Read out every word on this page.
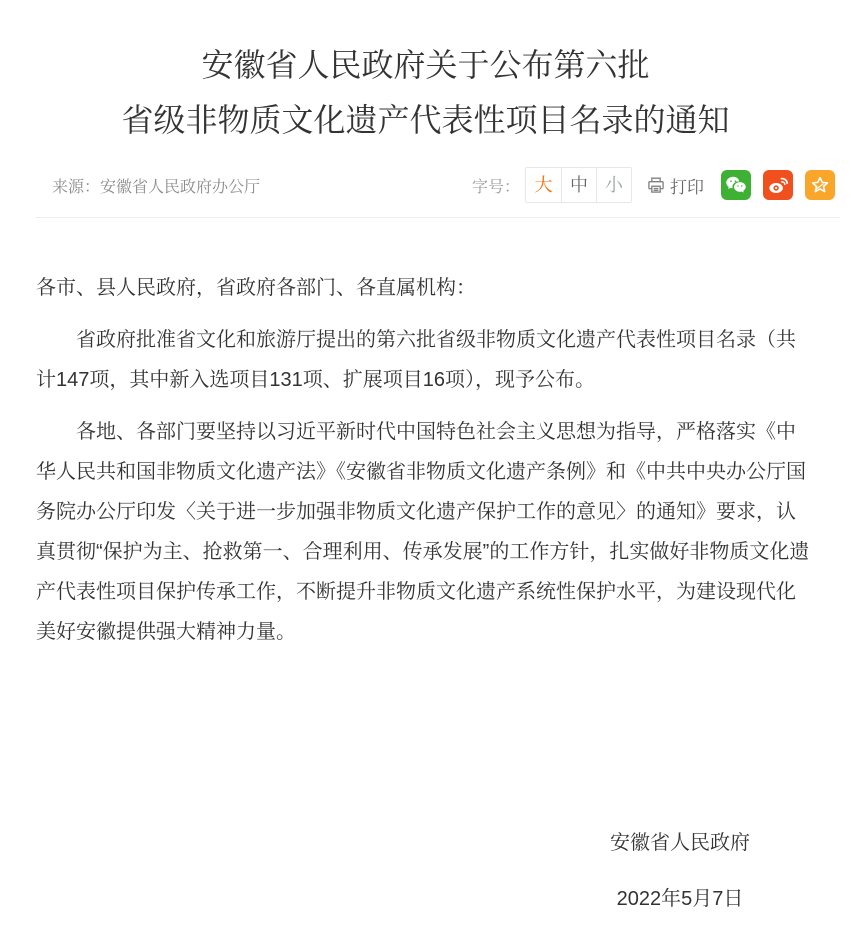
安徽省人民政府关于公布第六批
省级非物质文化遗产代表性项目名录的通知
来源：安徽省人民政府办公厅	字号： 大 中 小	打印

各市、县人民政府，省政府各部门、各直属机构：

省政府批准省文化和旅游厅提出的第六批省级非物质文化遗产代表性项目名录（共计147项，其中新入选项目131项、扩展项目16项），现予公布。

各地、各部门要坚持以习近平新时代中国特色社会主义思想为指导，严格落实《中华人民共和国非物质文化遗产法》《安徽省非物质文化遗产条例》和《中共中央办公厅国务院办公厅印发〈关于进一步加强非物质文化遗产保护工作的意见〉的通知》要求，认真贯彻“保护为主、抢救第一、合理利用、传承发展”的工作方针，扎实做好非物质文化遗产代表性项目保护传承工作，不断提升非物质文化遗产系统性保护水平，为建设现代化美好安徽提供强大精神力量。

安徽省人民政府
2022年5月7日
